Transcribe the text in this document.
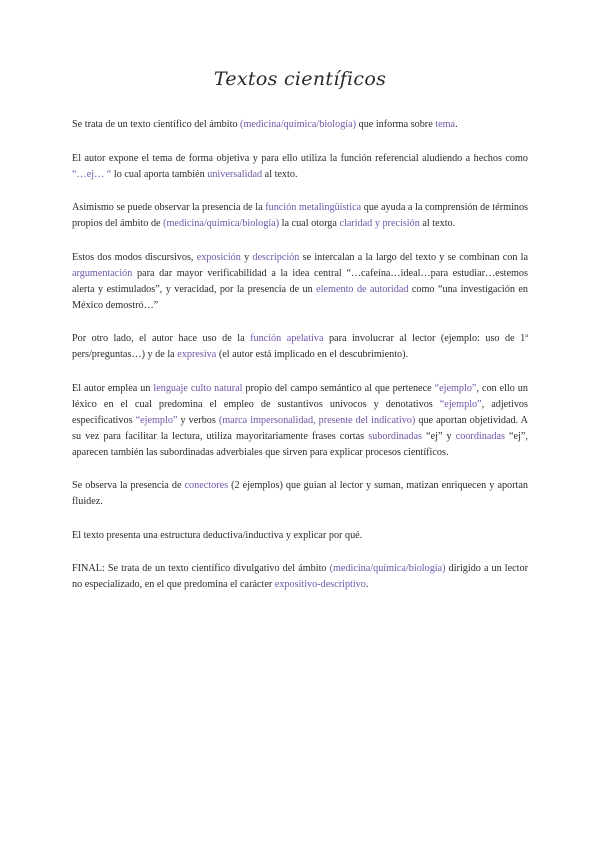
Textos científicos

Se trata de un texto científico del ámbito (medicina/química/biología) que informa sobre tema.

El autor expone el tema de forma objetiva y para ello utiliza la función referencial aludiendo a hechos como “…ej… “ lo cual aporta también universalidad al texto.

Asimismo se puede observar la presencia de la función metalingüística que ayuda a la comprensión de términos propios del ámbito de (medicina/química/biología) la cual otorga claridad y precisión al texto.

Estos dos modos discursivos, exposición y descripción se intercalan a la largo del texto y se combinan con la argumentación para dar mayor verificabilidad a la idea central “…cafeína…ideal…para estudiar…estemos alerta y estimulados”, y veracidad, por la presencia de un elemento de autoridad como “una investigación en México demostró…”

Por otro lado, el autor hace uso de la función apelativa para involucrar al lector (ejemplo: uso de 1ª pers/preguntas…) y de la expresiva (el autor está implicado en el descubrimiento).

El autor emplea un lenguaje culto natural propio del campo semántico al que pertenece “ejemplo”, con ello un léxico en el cual predomina el empleo de sustantivos unívocos y denotativos “ejemplo”, adjetivos especificativos “ejemplo” y verbos (marca impersonalidad, presente del indicativo) que aportan objetividad. A su vez para facilitar la lectura, utiliza mayoritariamente frases cortas subordinadas “ej” y coordinadas “ej”, aparecen también las subordinadas adverbiales que sirven para explicar procesos científicos.

Se observa la presencia de conectores (2 ejemplos) que guían al lector y suman, matizan enriquecen y aportan fluidez.

El texto presenta una estructura deductiva/inductiva y explicar por qué.

FINAL: Se trata de un texto científico divulgativo del ámbito (medicina/química/biología) dirigido a un lector no especializado, en el que predomina el carácter expositivo-descriptivo.
